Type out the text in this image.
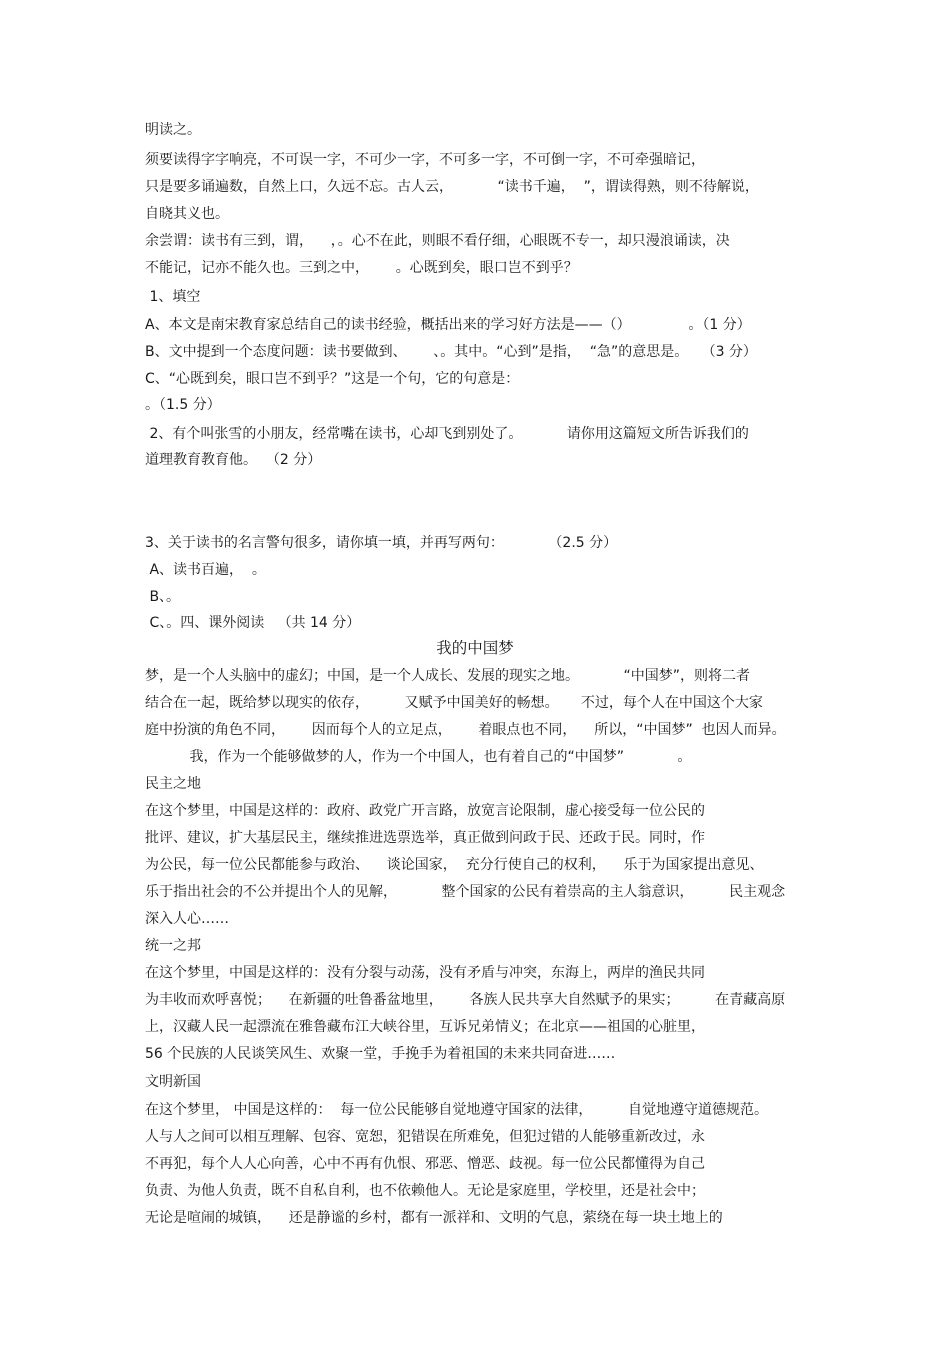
明读之。

须要读得字字响亮，不可误一字，不可少一字，不可多一字，不可倒一字，不可牵强暗记，

只是要多诵遍数，自然上口，久远不忘。古人云，          “读书千遍，  ”，谓读得熟，则不待解说，

自晓其义也。

余尝谓：读书有三到，谓，    ，。心不在此，则眼不看仔细，心眼既不专一，却只漫浪诵读，决

不能记，记亦不能久也。三到之中，      。心既到矣，眼口岂不到乎？

1、填空

A、本文是南宋教育家总结自己的读书经验，概括出来的学习好方法是——（）             。（1 分）

B、文中提到一个态度问题：读书要做到、      、。其中。“心到”是指，  “急”的意思是。   （3 分）

C、“心既到矣，眼口岂不到乎？”这是一个句，它的句意是：

。（1.5 分）

2、有个叫张雪的小朋友，经常嘴在读书，心却飞到别处了。          请你用这篇短文所告诉我们的

道理教育教育他。  （2 分）

3、关于读书的名言警句很多，请你填一填，并再写两句：          （2.5 分）

A、读书百遍，  。

B、。

C、。四、课外阅读   （共 14 分）

我的中国梦

梦，是一个人头脑中的虚幻；中国，是一个人成长、发展的现实之地。          “中国梦”，则将二者

结合在一起，既给梦以现实的依存，        又赋予中国美好的畅想。     不过，每个人在中国这个大家

庭中扮演的角色不同，      因而每个人的立足点，      着眼点也不同，    所以，“中国梦”  也因人而异。

我，作为一个能够做梦的人，作为一个中国人，也有着自己的“中国梦”            。

民主之地

在这个梦里，中国是这样的：政府、政党广开言路，放宽言论限制，虚心接受每一位公民的

批评、建议，扩大基层民主，继续推进选票选举，真正做到问政于民、还政于民。同时，作

为公民，每一位公民都能参与政治、    谈论国家，  充分行使自己的权利，    乐于为国家提出意见、

乐于指出社会的不公并提出个人的见解，          整个国家的公民有着崇高的主人翁意识，        民主观念

深入人心……

统一之邦

在这个梦里，中国是这样的：没有分裂与动荡，没有矛盾与冲突，东海上，两岸的渔民共同

为丰收而欢呼喜悦；    在新疆的吐鲁番盆地里，      各族人民共享大自然赋予的果实；        在青藏高原

上，汉藏人民一起漂流在雅鲁藏布江大峡谷里，互诉兄弟情义；在北京——祖国的心脏里，

56 个民族的人民谈笑风生、欢聚一堂，手挽手为着祖国的未来共同奋进……

文明新国

在这个梦里， 中国是这样的：  每一位公民能够自觉地遵守国家的法律，        自觉地遵守道德规范。

人与人之间可以相互理解、包容、宽恕，犯错误在所难免，但犯过错的人能够重新改过，永

不再犯，每个人人心向善，心中不再有仇恨、邪恶、憎恶、歧视。每一位公民都懂得为自己

负责、为他人负责，既不自私自利，也不依赖他人。无论是家庭里，学校里，还是社会中；

无论是喧闹的城镇，    还是静谧的乡村，都有一派祥和、文明的气息，萦绕在每一块土地上的
